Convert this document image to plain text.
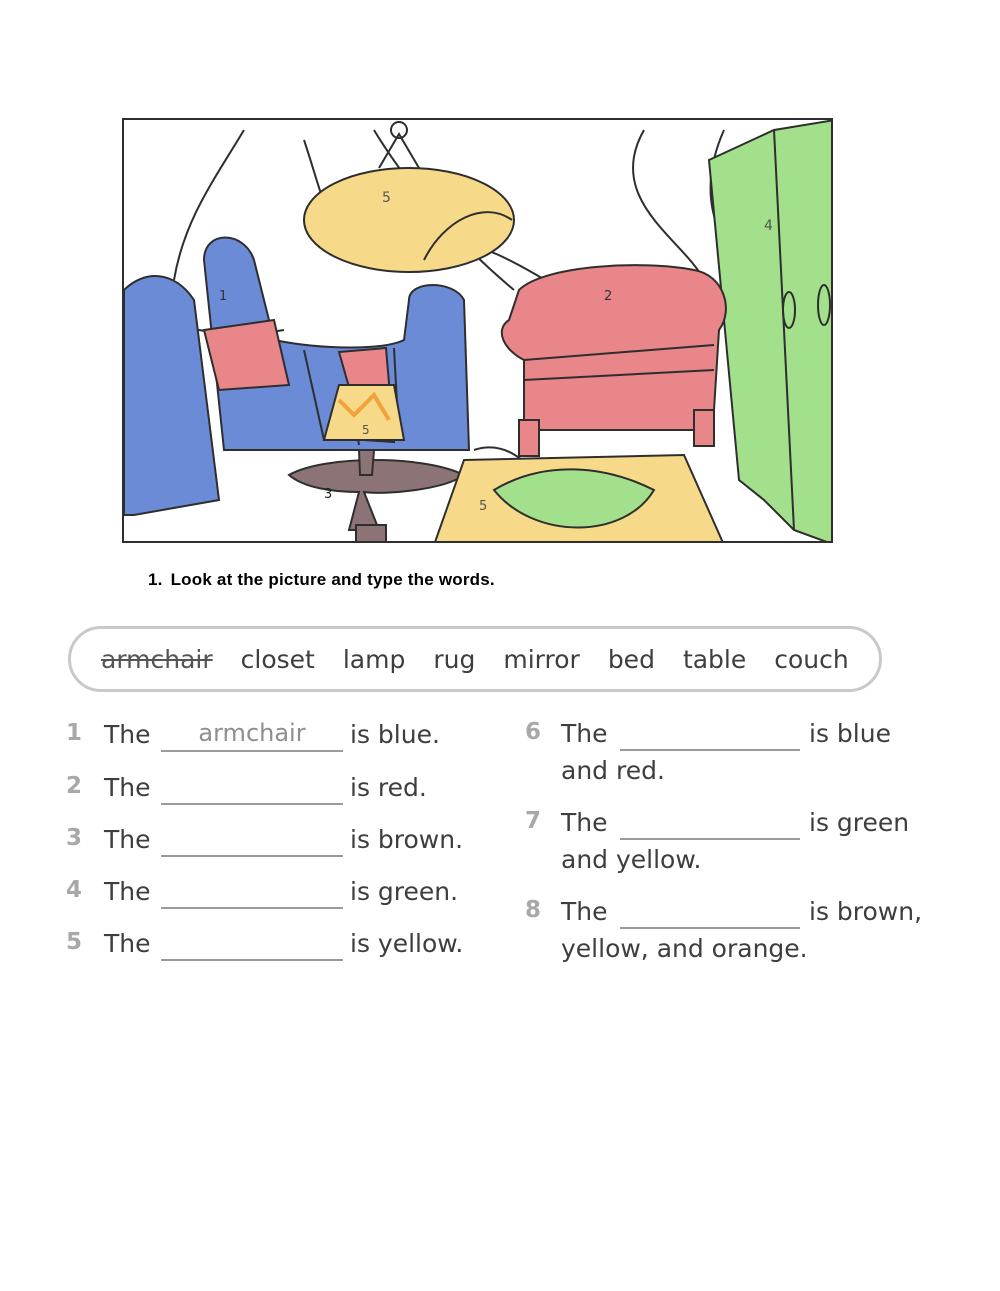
5
4
1	2
5
3
5
1. Look at the picture and type the words.
armchair closet lamp rug mirror bed table couch
1 The	armchair	is blue.
2 The	is red.
3 The	is brown.
4 The	is green.
5 The	is yellow.
6 The	is blue
and red.
7 The	is green
and yellow.
8 The	is brown,
yellow, and orange.
